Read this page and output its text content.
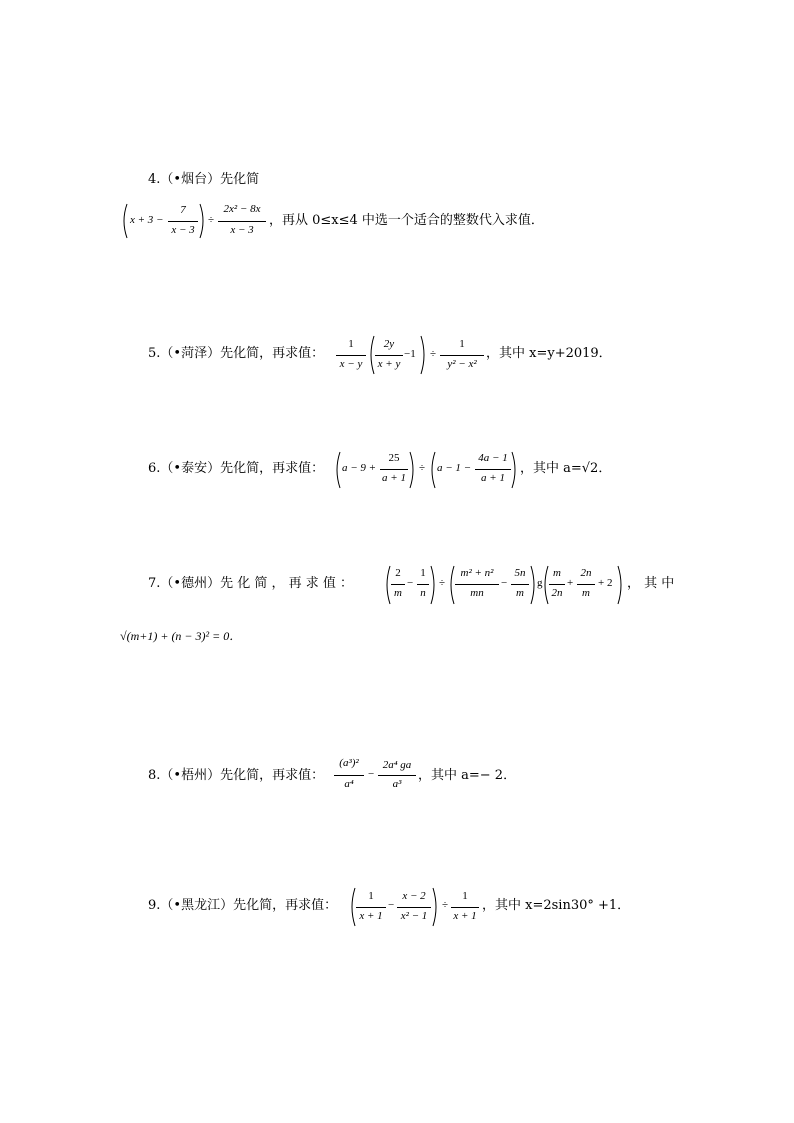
4.（•烟台）先化简
x + 3 −
7
x − 3
÷
2x² − 8x
x − 3
，再从 0≤x≤4 中选一个适合的整数代入求值．
5.（•菏泽）先化简，再求值：
1
x − y
2y
x + y
−1 ÷
1
y² − x²
，其中 x=y+2019．
6.（•泰安）先化简，再求值： a − 9 +
25
a + 1
÷ a − 1 −
4a − 1
a + 1
，其中 a=√2．
7.（•德州）先 化 简 ， 再 求 值 ：
2
m
−
1
n
÷
m² + n²
mn
−
5n
m
g
m
2n
+
2n
m
+ 2 ， 其 中
√(m+1) + (n − 3)² = 0．
8.（•梧州）先化简，再求值：
(a³)²
a⁴
−
2a⁴ ga
a³
，其中 a=− 2．
9.（•黑龙江）先化简，再求值：
1
x + 1
−
x − 2
x² − 1
÷
1
x + 1
，其中 x=2sin30° +1．
